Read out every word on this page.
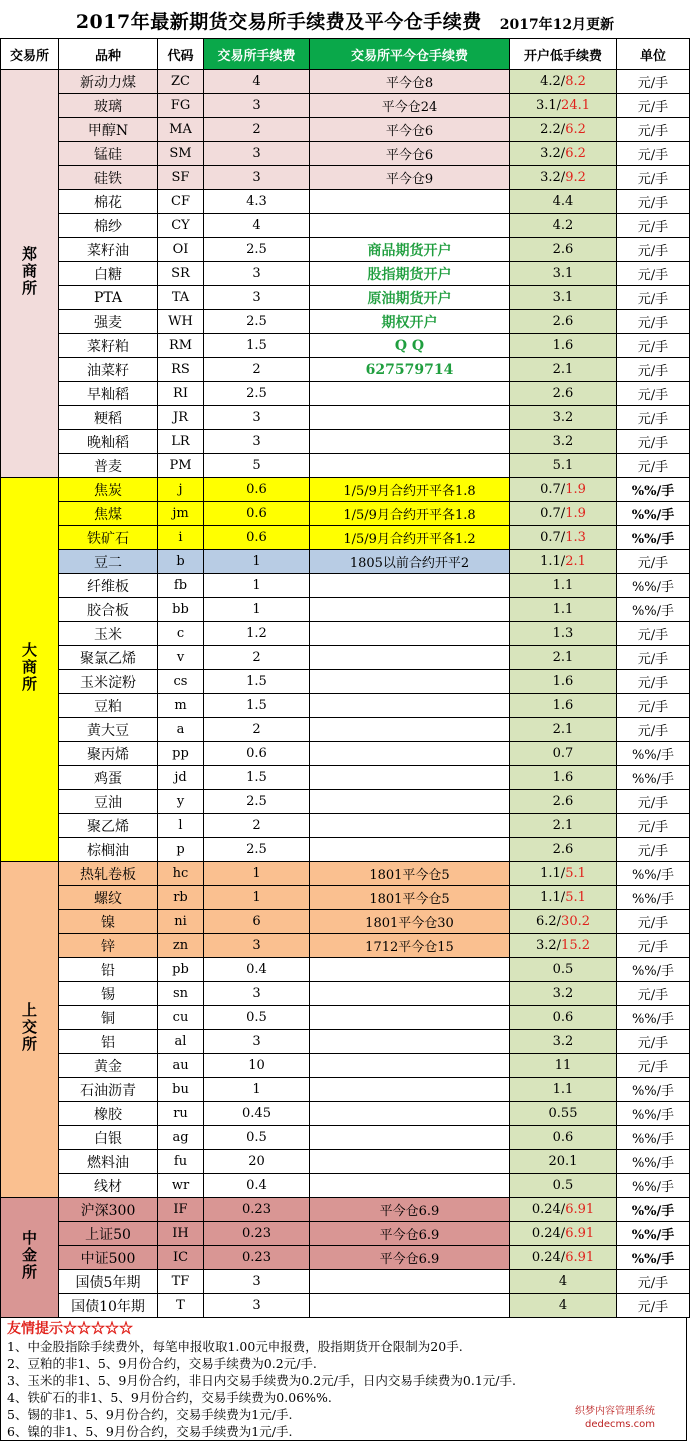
2017年最新期货交易所手续费及平今仓手续费 2017年12月更新
交易所	品种	代码	交易所手续费	交易所平今仓手续费	开户低手续费	单位
郑商所	新动力煤	ZC	4	平今仓8	4.2/8.2	元/手
	玻璃	FG	3	平今仓24	3.1/24.1	元/手
	甲醇N	MA	2	平今仓6	2.2/6.2	元/手
	锰硅	SM	3	平今仓6	3.2/6.2	元/手
	硅铁	SF	3	平今仓9	3.2/9.2	元/手
	棉花	CF	4.3		4.4	元/手
	棉纱	CY	4		4.2	元/手
	菜籽油	OI	2.5	商品期货开户	2.6	元/手
	白糖	SR	3	股指期货开户	3.1	元/手
	PTA	TA	3	原油期货开户	3.1	元/手
	强麦	WH	2.5	期权开户	2.6	元/手
	菜籽粕	RM	1.5	Q Q	1.6	元/手
	油菜籽	RS	2	627579714	2.1	元/手
	早籼稻	RI	2.5		2.6	元/手
	粳稻	JR	3		3.2	元/手
	晚籼稻	LR	3		3.2	元/手
	普麦	PM	5		5.1	元/手
大商所	焦炭	j	0.6	1/5/9月合约开平各1.8	0.7/1.9	%%/手
	焦煤	jm	0.6	1/5/9月合约开平各1.8	0.7/1.9	%%/手
	铁矿石	i	0.6	1/5/9月合约开平各1.2	0.7/1.3	%%/手
	豆二	b	1	1805以前合约开平2	1.1/2.1	元/手
	纤维板	fb	1		1.1	%%/手
	胶合板	bb	1		1.1	%%/手
	玉米	c	1.2		1.3	元/手
	聚氯乙烯	v	2		2.1	元/手
	玉米淀粉	cs	1.5		1.6	元/手
	豆粕	m	1.5		1.6	元/手
	黄大豆	a	2		2.1	元/手
	聚丙烯	pp	0.6		0.7	%%/手
	鸡蛋	jd	1.5		1.6	%%/手
	豆油	y	2.5		2.6	元/手
	聚乙烯	l	2		2.1	元/手
	棕榈油	p	2.5		2.6	元/手
上交所	热轧卷板	hc	1	1801平今仓5	1.1/5.1	%%/手
	螺纹	rb	1	1801平今仓5	1.1/5.1	%%/手
	镍	ni	6	1801平今仓30	6.2/30.2	元/手
	锌	zn	3	1712平今仓15	3.2/15.2	元/手
	铅	pb	0.4		0.5	%%/手
	锡	sn	3		3.2	元/手
	铜	cu	0.5		0.6	%%/手
	铝	al	3		3.2	元/手
	黄金	au	10		11	元/手
	石油沥青	bu	1		1.1	%%/手
	橡胶	ru	0.45		0.55	%%/手
	白银	ag	0.5		0.6	%%/手
	燃料油	fu	20		20.1	%%/手
	线材	wr	0.4		0.5	%%/手
中金所	沪深300	IF	0.23	平今仓6.9	0.24/6.91	%%/手
	上证50	IH	0.23	平今仓6.9	0.24/6.91	%%/手
	中证500	IC	0.23	平今仓6.9	0.24/6.91	%%/手
	国债5年期	TF	3		4	元/手
	国债10年期	T	3		4	元/手
友情提示☆☆☆☆☆
1、中金股指除手续费外，每笔申报收取1.00元申报费，股指期货开仓限制为20手.
2、豆粕的非1、5、9月份合约，交易手续费为0.2元/手.
3、玉米的非1、5、9月份合约，非日内交易手续费为0.2元/手，日内交易手续费为0.1元/手.
4、铁矿石的非1、5、9月份合约，交易手续费为0.06%%.
5、锡的非1、5、9月份合约，交易手续费为1元/手.
6、镍的非1、5、9月份合约，交易手续费为1元/手.
织梦内容管理系统
dedecms.com
